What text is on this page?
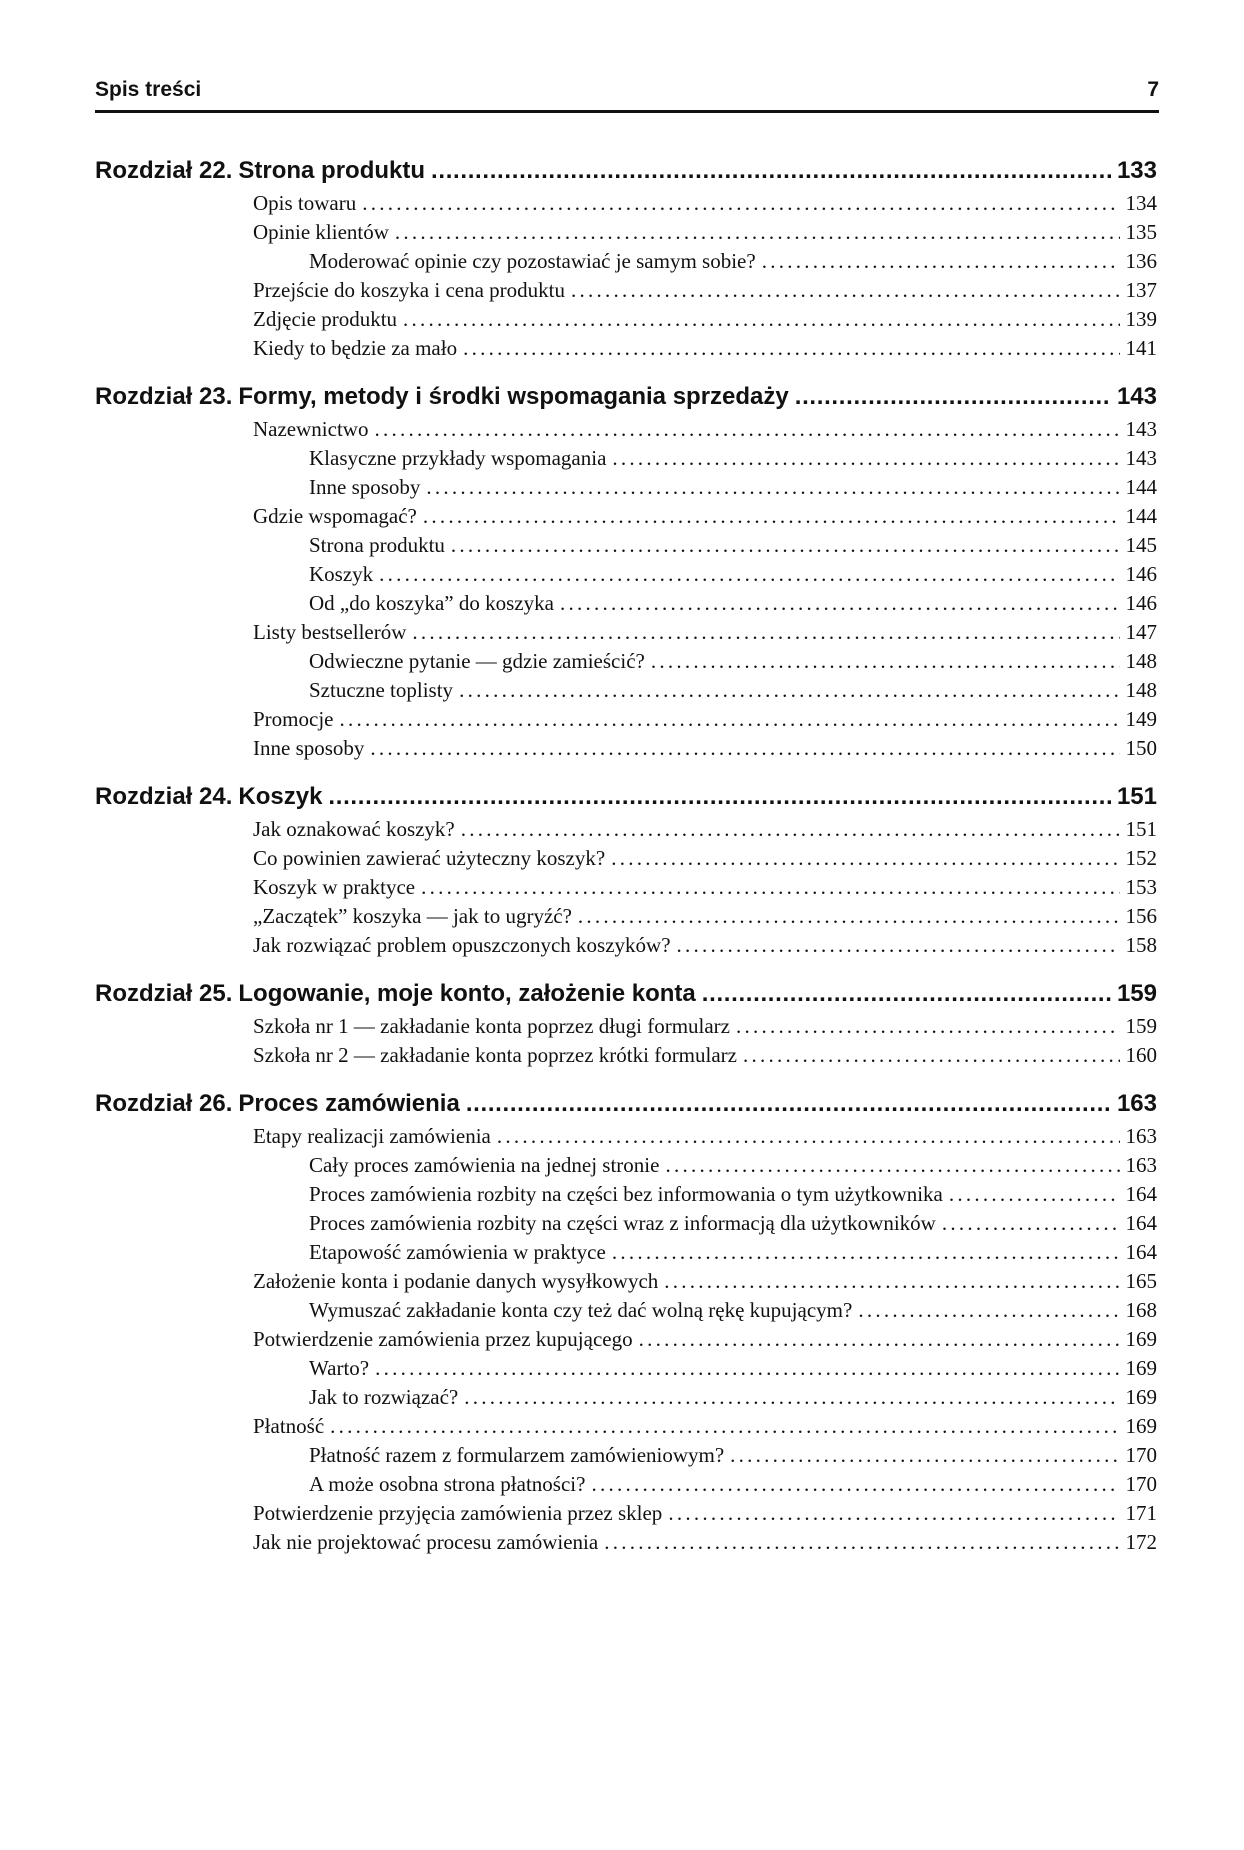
Spis treści	7
Rozdział 22. Strona produktu . . .	133
Opis towaru . . .	134
Opinie klientów . . .	135
Moderować opinie czy pozostawiać je samym sobie? . . .	136
Przejście do koszyka i cena produktu . . .	137
Zdjęcie produktu . . .	139
Kiedy to będzie za mało . . .	141
Rozdział 23. Formy, metody i środki wspomagania sprzedaży . . .	143
Nazewnictwo . . .	143
Klasyczne przykłady wspomagania . . .	143
Inne sposoby . . .	144
Gdzie wspomagać? . . .	144
Strona produktu . . .	145
Koszyk . . .	146
Od „do koszyka” do koszyka . . .	146
Listy bestsellerów . . .	147
Odwieczne pytanie — gdzie zamieścić? . . .	148
Sztuczne toplisty . . .	148
Promocje . . .	149
Inne sposoby . . .	150
Rozdział 24. Koszyk . . .	151
Jak oznakować koszyk? . . .	151
Co powinien zawierać użyteczny koszyk? . . .	152
Koszyk w praktyce . . .	153
„Zaczątek” koszyka — jak to ugryźć? . . .	156
Jak rozwiązać problem opuszczonych koszyków? . . .	158
Rozdział 25. Logowanie, moje konto, założenie konta . . .	159
Szkoła nr 1 — zakładanie konta poprzez długi formularz . . .	159
Szkoła nr 2 — zakładanie konta poprzez krótki formularz . . .	160
Rozdział 26. Proces zamówienia . . .	163
Etapy realizacji zamówienia . . .	163
Cały proces zamówienia na jednej stronie . . .	163
Proces zamówienia rozbity na części bez informowania o tym użytkownika . . .	164
Proces zamówienia rozbity na części wraz z informacją dla użytkowników . . .	164
Etapowość zamówienia w praktyce . . .	164
Założenie konta i podanie danych wysyłkowych . . .	165
Wymuszać zakładanie konta czy też dać wolną rękę kupującym? . . .	168
Potwierdzenie zamówienia przez kupującego . . .	169
Warto? . . .	169
Jak to rozwiązać? . . .	169
Płatność . . .	169
Płatność razem z formularzem zamówieniowym? . . .	170
A może osobna strona płatności? . . .	170
Potwierdzenie przyjęcia zamówienia przez sklep . . .	171
Jak nie projektować procesu zamówienia . . .	172
